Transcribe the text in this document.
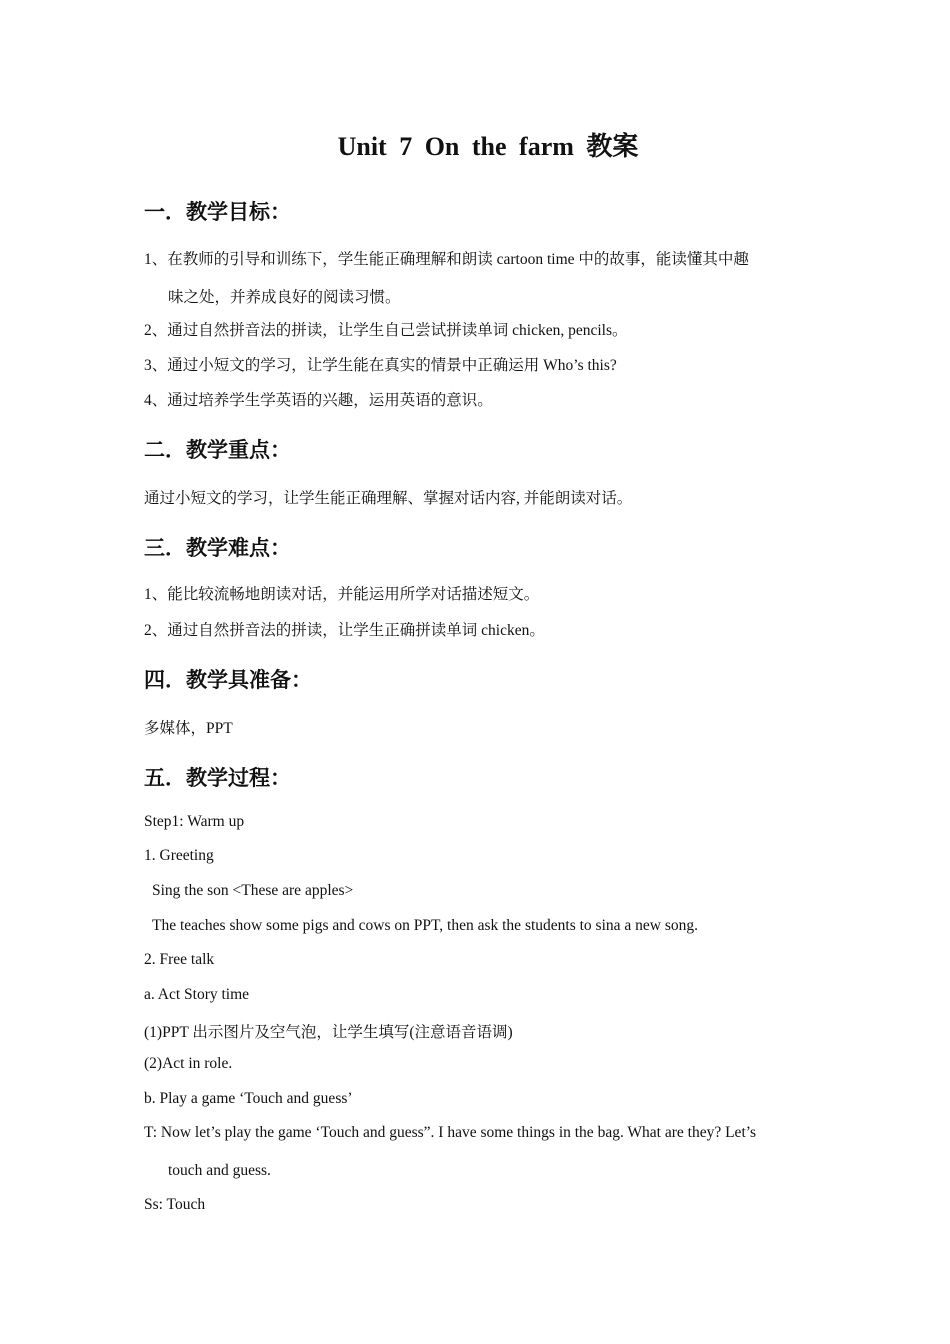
Unit 7 On the farm 教案
一．教学目标：
1、在教师的引导和训练下，学生能正确理解和朗读 cartoon time 中的故事，能读懂其中趣
味之处，并养成良好的阅读习惯。
2、通过自然拼音法的拼读，让学生自己尝试拼读单词 chicken, pencils。
3、通过小短文的学习，让学生能在真实的情景中正确运用 Who’s this?
4、通过培养学生学英语的兴趣，运用英语的意识。
二．教学重点：
通过小短文的学习，让学生能正确理解、掌握对话内容, 并能朗读对话。
三．教学难点：
1、能比较流畅地朗读对话，并能运用所学对话描述短文。
2、通过自然拼音法的拼读，让学生正确拼读单词 chicken。
四．教学具准备：
多媒体，PPT
五．教学过程：
Step1: Warm up
1. Greeting
Sing the son <These are apples>
The teaches show some pigs and cows on PPT, then ask the students to sina a new song.
2. Free talk
a. Act Story time
(1)PPT 出示图片及空气泡，让学生填写(注意语音语调)
(2)Act in role.
b. Play a game ‘Touch and guess’
T: Now let’s play the game ‘Touch and guess”. I have some things in the bag. What are they? Let’s
touch and guess.
Ss: Touch
